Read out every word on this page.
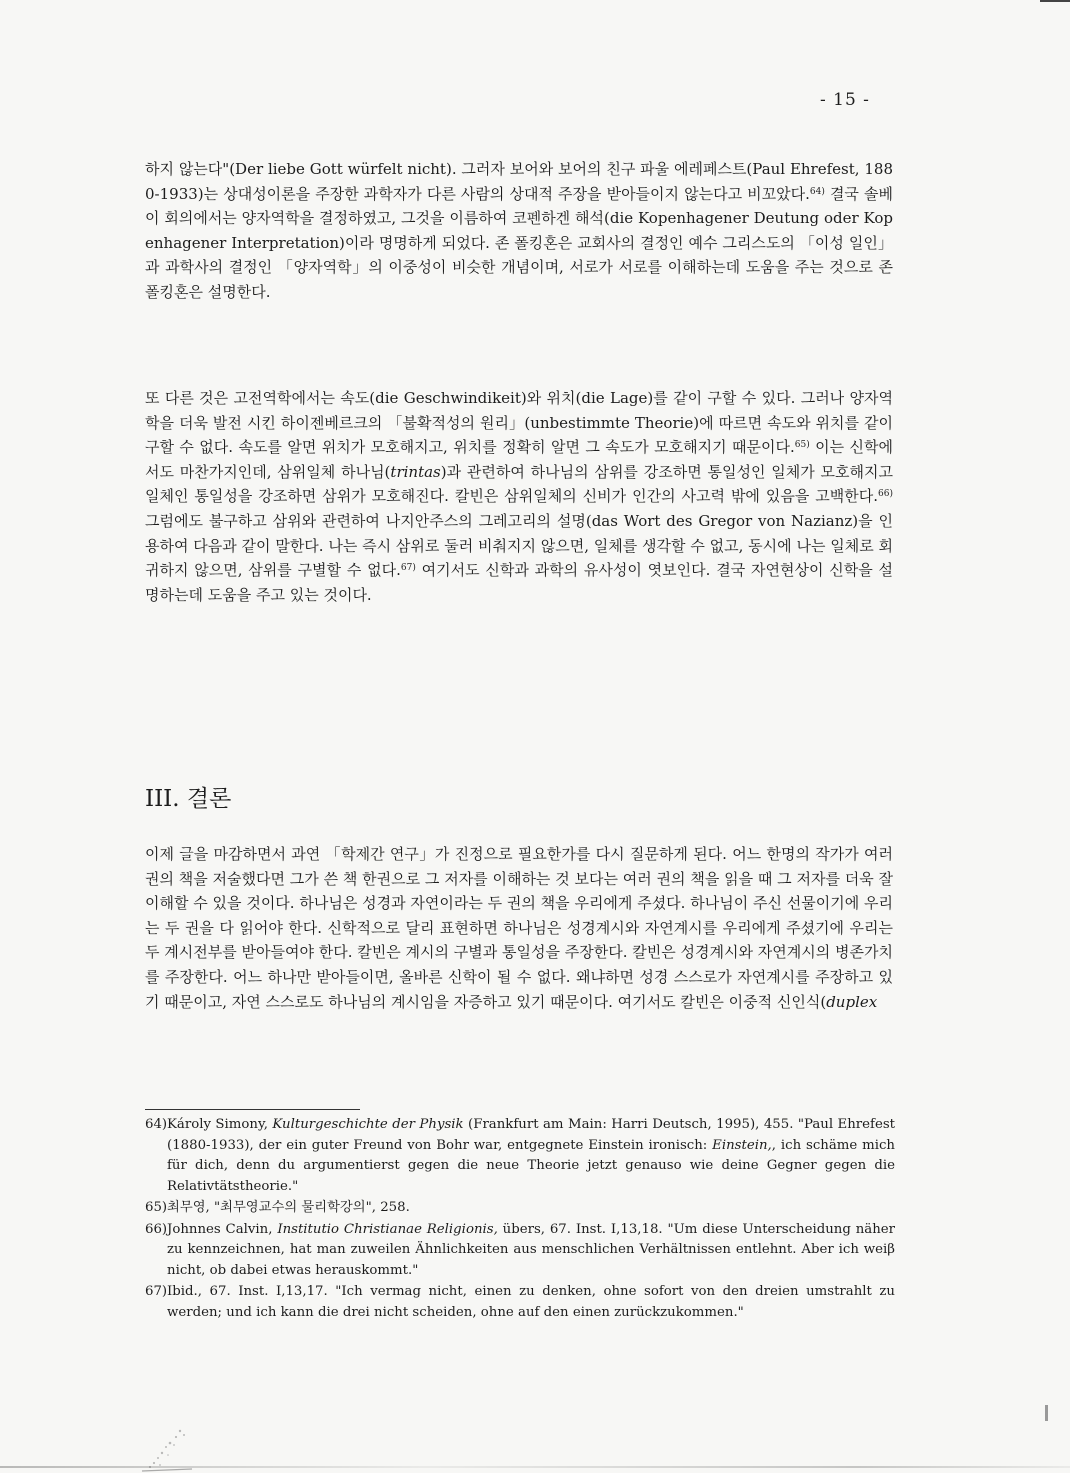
- 15 -

하지 않는다"(Der liebe Gott würfelt nicht). 그러자 보어와 보어의 친구 파울 에레페스트(Paul Ehrefest, 1880-1933)는 상대성이론을 주장한 과학자가 다른 사람의 상대적 주장을 받아들이지 않는다고 비꼬았다.$^{64)}$ 결국 솔베이 회의에서는 양자역학을 결정하였고, 그것을 이름하여 코펜하겐 해석(die Kopenhagener Deutung oder Kopenhagener Interpretation)이라 명명하게 되었다. 존 폴킹혼은 교회사의 결정인 예수 그리스도의 「이성 일인」과 과학사의 결정인 「양자역학」의 이중성이 비슷한 개념이며, 서로가 서로를 이해하는데 도움을 주는 것으로 존 폴킹혼은 설명한다.

또 다른 것은 고전역학에서는 속도(die Geschwindikeit)와 위치(die Lage)를 같이 구할 수 있다. 그러나 양자역학을 더욱 발전 시킨 하이젠베르크의 「불확적성의 원리」(unbestimmte Theorie)에 따르면 속도와 위치를 같이 구할 수 없다. 속도를 알면 위치가 모호해지고, 위치를 정확히 알면 그 속도가 모호해지기 때문이다.$^{65)}$ 이는 신학에서도 마찬가지인데, 삼위일체 하나님(trintas)과 관련하여 하나님의 삼위를 강조하면 통일성인 일체가 모호해지고 일체인 통일성을 강조하면 삼위가 모호해진다. 칼빈은 삼위일체의 신비가 인간의 사고력 밖에 있음을 고백한다.$^{66)}$ 그럼에도 불구하고 삼위와 관련하여 나지안주스의 그레고리의 설명(das Wort des Gregor von Nazianz)을 인용하여 다음과 같이 말한다. 나는 즉시 삼위로 둘러 비춰지지 않으면, 일체를 생각할 수 없고, 동시에 나는 일체로 회귀하지 않으면, 삼위를 구별할 수 없다.$^{67)}$ 여기서도 신학과 과학의 유사성이 엿보인다. 결국 자연현상이 신학을 설명하는데 도움을 주고 있는 것이다.

III. 결론

이제 글을 마감하면서 과연 「학제간 연구」가 진정으로 필요한가를 다시 질문하게 된다. 어느 한명의 작가가 여러 권의 책을 저술했다면 그가 쓴 책 한권으로 그 저자를 이해하는 것 보다는 여러 권의 책을 읽을 때 그 저자를 더욱 잘 이해할 수 있을 것이다. 하나님은 성경과 자연이라는 두 권의 책을 우리에게 주셨다. 하나님이 주신 선물이기에 우리는 두 권을 다 읽어야 한다. 신학적으로 달리 표현하면 하나님은 성경계시와 자연계시를 우리에게 주셨기에 우리는 두 계시전부를 받아들여야 한다. 칼빈은 계시의 구별과 통일성을 주장한다. 칼빈은 성경계시와 자연계시의 병존가치를 주장한다. 어느 하나만 받아들이면, 올바른 신학이 될 수 없다. 왜냐하면 성경 스스로가 자연계시를 주장하고 있기 때문이고, 자연 스스로도 하나님의 계시임을 자증하고 있기 때문이다. 여기서도 칼빈은 이중적 신인식(duplex

64) Károly Simony, Kulturgeschichte der Physik (Frankfurt am Main: Harri Deutsch, 1995), 455. "Paul Ehrefest (1880-1933), der ein guter Freund von Bohr war, entgegnete Einstein ironisch: Einstein,, ich schäme mich für dich, denn du argumentierst gegen die neue Theorie jetzt genauso wie deine Gegner gegen die Relativtätstheorie."

65) 최무영, "최무영교수의 물리학강의", 258.

66) Johnnes Calvin, Institutio Christianae Religionis, übers, 67. Inst. I,13,18. "Um diese Unterscheidung näher zu kennzeichnen, hat man zuweilen Ähnlichkeiten aus menschlichen Verhältnissen entlehnt. Aber ich weiβ nicht, ob dabei etwas herauskommt."

67) Ibid., 67. Inst. I,13,17. "Ich vermag nicht, einen zu denken, ohne sofort von den dreien umstrahlt zu werden; und ich kann die drei nicht scheiden, ohne auf den einen zurückzukommen."
